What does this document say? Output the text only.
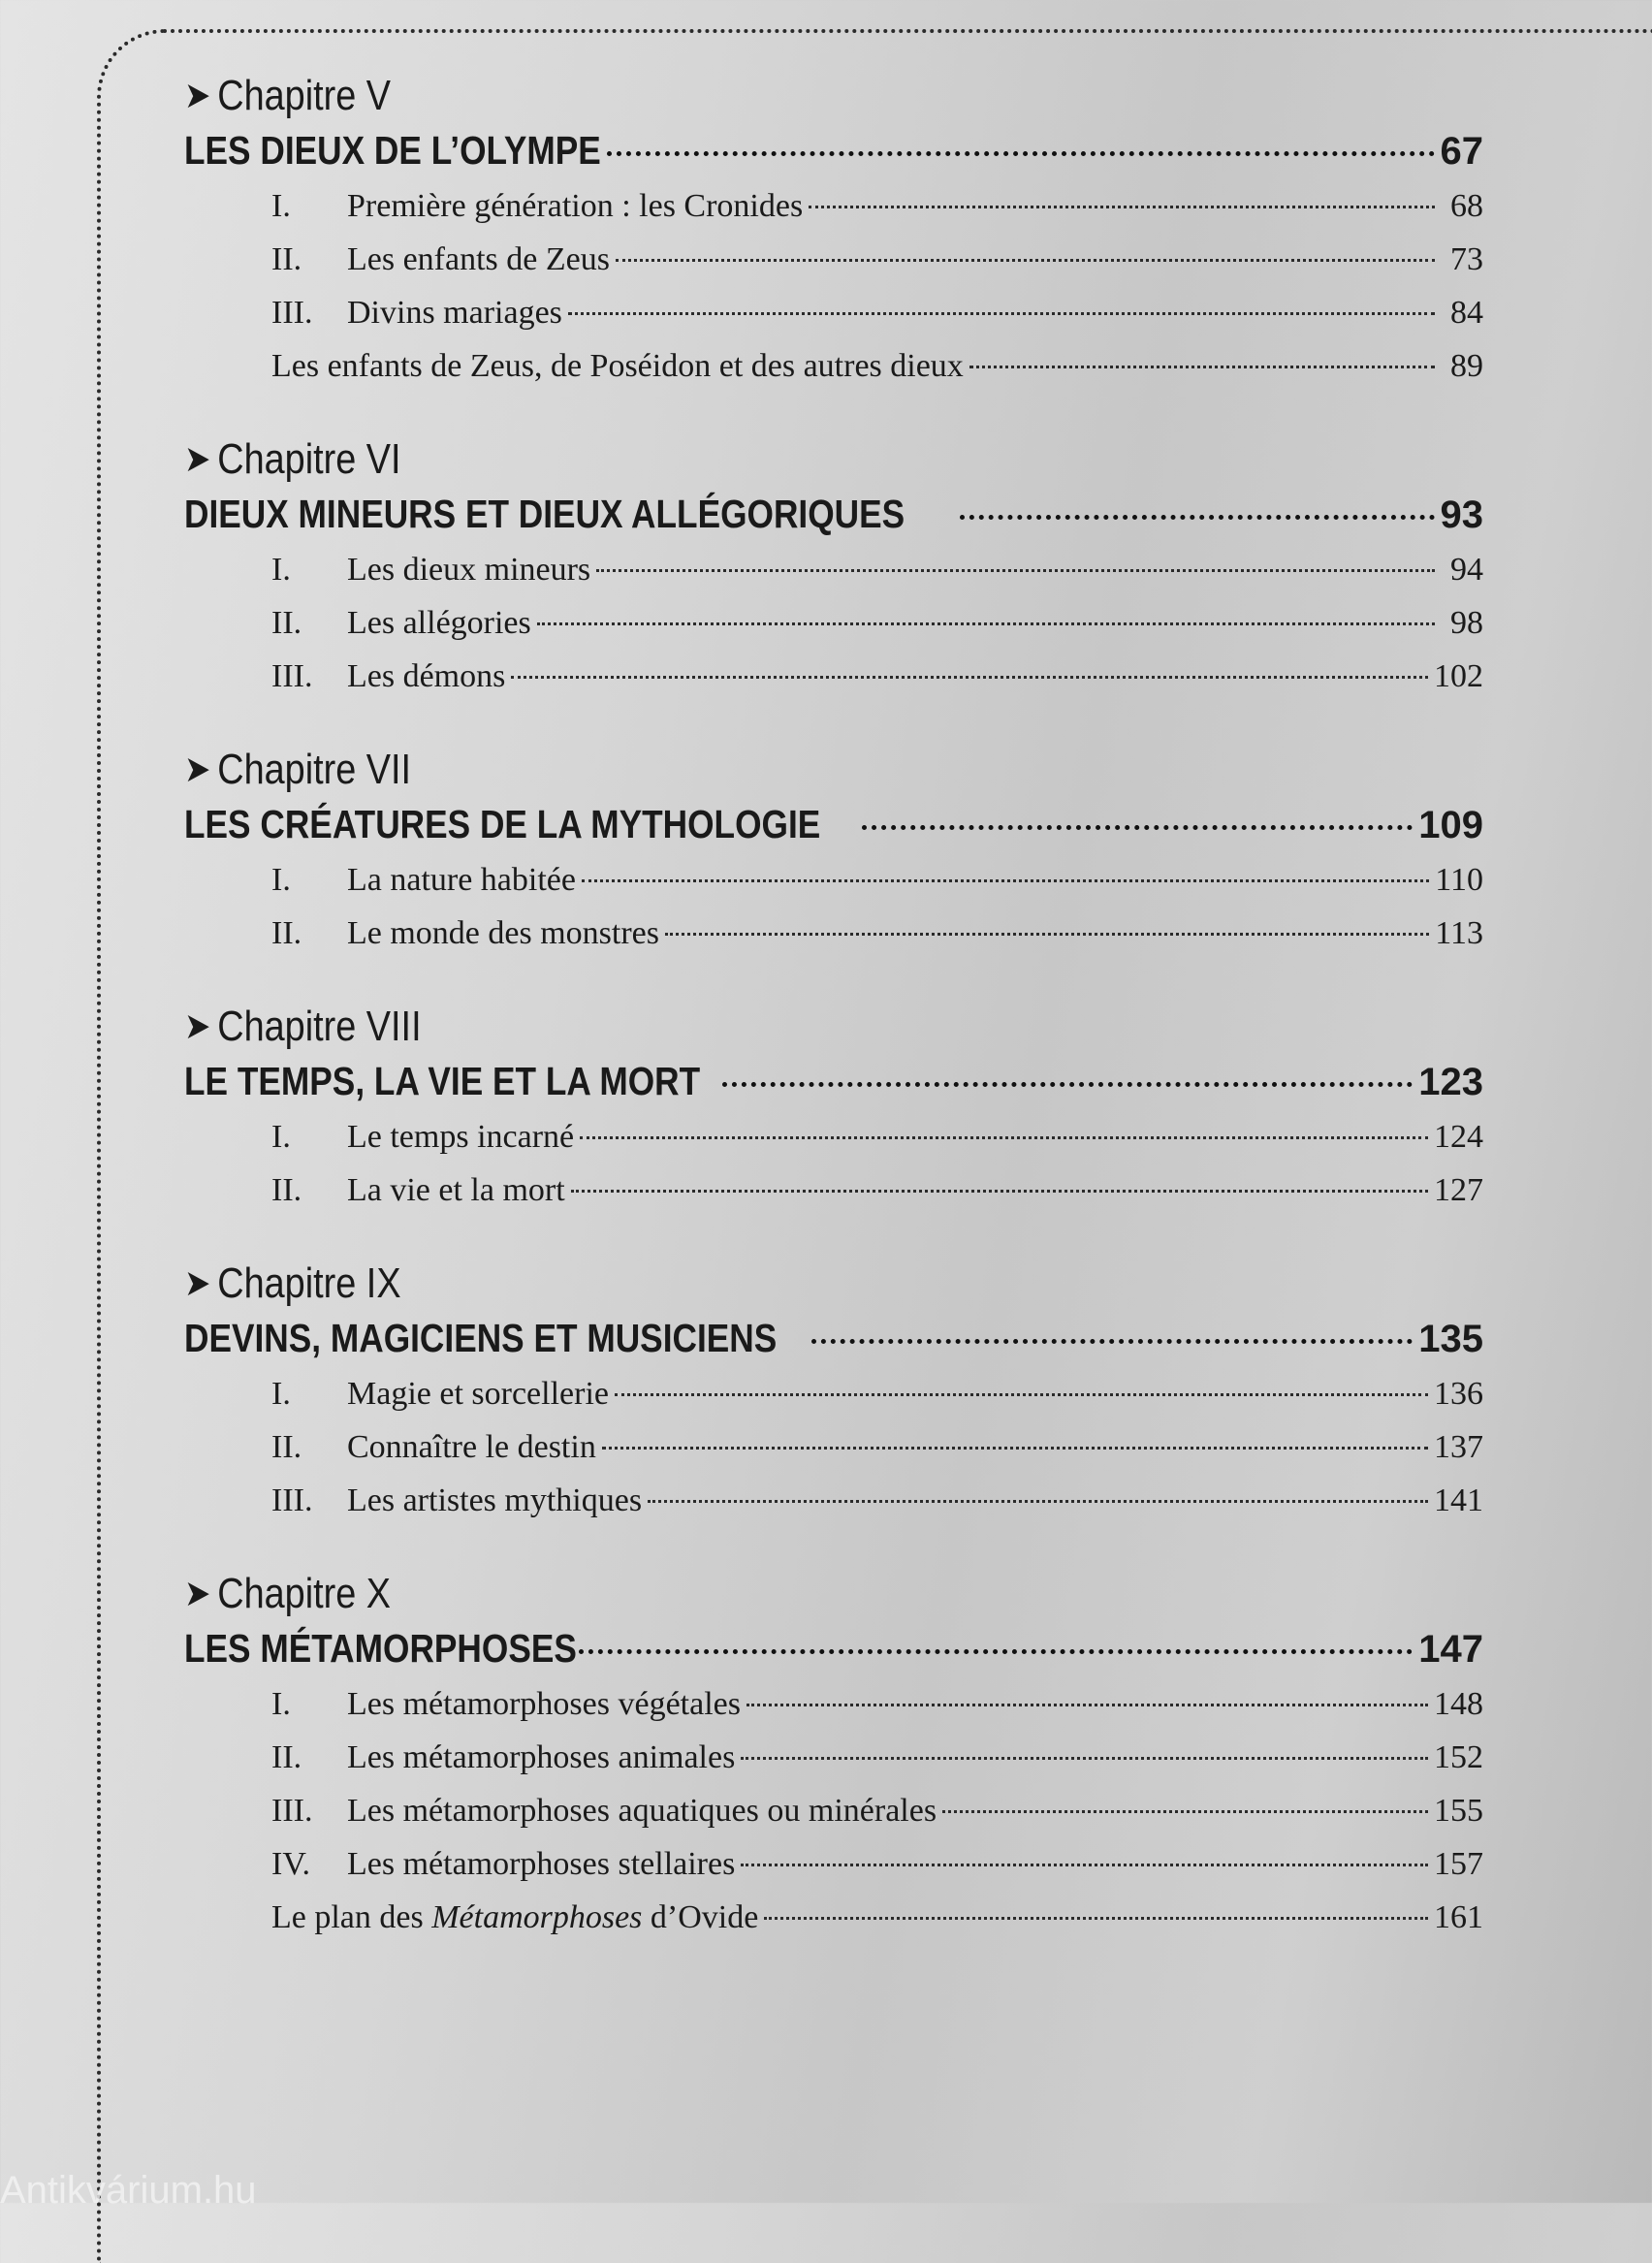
➤ Chapitre V
LES DIEUX DE L’OLYMPE	67
I.	Première génération : les Cronides	68
II.	Les enfants de Zeus	73
III.	Divins mariages	84
Les enfants de Zeus, de Poséidon et des autres dieux	89
➤ Chapitre VI
DIEUX MINEURS ET DIEUX ALLÉGORIQUES	93
I.	Les dieux mineurs	94
II.	Les allégories	98
III.	Les démons	102
➤ Chapitre VII
LES CRÉATURES DE LA MYTHOLOGIE	109
I.	La nature habitée	110
II.	Le monde des monstres	113
➤ Chapitre VIII
LE TEMPS, LA VIE ET LA MORT	123
I.	Le temps incarné	124
II.	La vie et la mort	127
➤ Chapitre IX
DEVINS, MAGICIENS ET MUSICIENS	135
I.	Magie et sorcellerie	136
II.	Connaître le destin	137
III.	Les artistes mythiques	141
➤ Chapitre X
LES MÉTAMORPHOSES	147
I.	Les métamorphoses végétales	148
II.	Les métamorphoses animales	152
III.	Les métamorphoses aquatiques ou minérales	155
IV.	Les métamorphoses stellaires	157
Le plan des Métamorphoses d’Ovide	161
Antikvárium.hu
